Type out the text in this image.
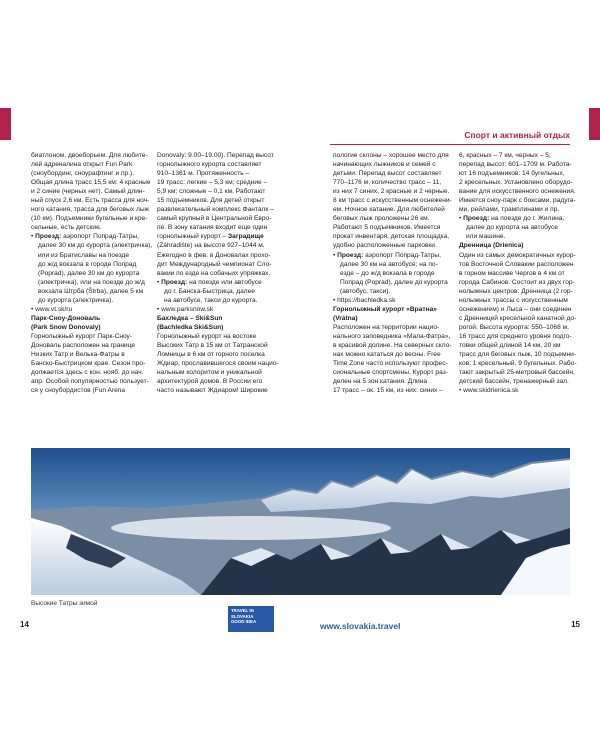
Спорт и активный отдых

биатлоном, двоеборьем. Для любите-

лей адреналина открыт Fun Park

(сноубординг, сноурафтинг и пр.).

Общая длина трасс 15,5 км: 4 красные

и 2 синие (черных нет). Самый длин-

ный спуск 2,6 км. Есть трасса для ноч-

ного катания, трасса для беговых лыж

(10 км). Подъемники бугельные и кре-

сельные, есть детские.

• Проезд: аэропорт Попрад-Татры,

далее 30 км до курорта (электричка),

или из Братиславы на поезде

до ж/д вокзала в городе Попрад

(Poprad), далее 30 км до курорта

(электричка), или на поезде до ж/д

вокзала Штрба (Štrba), далее 5 км

до курорта (электричка).

• www.vt.sk/ru

Парк-Сноу-Доноваль

(Park Snow Donovaly)

Горнолыжный курорт Парк-Сноу-

Доноваль расположен на границе

Низких Татр и Велька-Фатры в

Банско-Быстрицком крае. Сезон про-

должается здесь с кон. нояб. до нач.

апр. Особой популярностью пользует-

ся у сноубордистов (Fun Arena

Donovaly: 9.00–19.00). Перепад высот

горнолыжного курорта составляет

910–1361 м. Протяженность –

19 трасс: легкие – 5,3 км; средние –

5,9 км; сложные – 0,1 км. Работают

15 подъемников. Для детей открыт

развлекательный комплекс Фанталк –

самый крупный в Центральной Евро-

пе. В зону катания входит еще один

горнолыжный курорт – Заградище

(Záhradište) на высоте 927–1044 м.

Ежегодно в фев. в Доновалах прохо-

дит Международный чемпионат Сло-

вакии по езде на собачьих упряжках.

• Проезд: на поезде или автобусе

до г. Банска-Быстрица, далее

на автобусе, такси до курорта.

• www.parksnow.sk

Бахледка – Ski&Sun

(Bachledka Ski&Sun)

Горнолыжный курорт на востоке

Высоких Татр в 15 км от Татранской

Ломницы в 6 км от горного поселка

Ждиар, прославившегося своим нацио-

нальным колоритом и уникальной

архитектурой домов. В России его

часто называют Ждиаром! Широкие

пологие склоны – хорошее место для

начинающих лыжников и семей с

детьми. Перепад высот составляет

770–1176 м, количество трасс – 11,

из них 7 синих, 2 красные и 2 черные.

8 км трасс с искусственным оснежени-

ем. Ночное катание. Для любителей

беговых лыж проложены 26 км.

Работают 5 подъемников. Имеется

прокат инвентаря, детская площадка,

удобно расположенные парковки.

• Проезд: аэропорт Попрад-Татры,

далее 30 км на автобусе; на по-

езде – до ж/д вокзала в городе

Попрад (Poprad), далее до курорта

(автобус, такси).

• https://bachledka.sk

Горнолыжный курорт «Вратна»

(Vrátna)

Расположен на территории нацио-

нального заповедника «Мала-Фатра»,

в красивой долине. На северных скло-

нах можно кататься до весны. Free

Time Zone часто используют профес-

сиональные спортсмены. Курорт раз-

делен на 5 зон катания. Длина

17 трасс – ок. 15 км, из них: синих –

6, красных – 7 км, черных – 5;

перепад высот: 601–1709 м. Работа-

ют 16 подъемников: 14 бугельных,

2 кресельных. Установлено оборудо-

вание для искусственного оснежения.

Имеется сноу-парк с боксами, радуга-

ми, рейлами, трамплинами и пр.

• Проезд: на поезде до г. Жилина,

далее до курорта на автобусе

или машине.

Дренница (Drienica)

Один из самых демократичных курор-

тов Восточной Словакии расположен

в горном массиве Чергов в 4 км от

города Сабинов. Состоит из двух гор-

нолыжных центров: Дренница (2 гор-

нолыжных трассы с искусственным

оснежением) и Лыса – они соединен

с Дренницей кресельной канатной до-

рогой. Высота курорта: 550–1068 м,

16 трасс для среднего уровня подго-

товки общей длиной 14 км, 20 км

трасс для беговых лыж, 10 подъемни-

ков: 1 кресельный, 9 бугельных. Рабо-

тают закрытый 25-метровый бассейн,

детский бассейн, тренажерный зал.

• www.skidrienica.sk

Высокие Татры зимой
14
TRAVEL IN
SLOVAKIA
GOOD IDEA	www.slovakia.travel	15
